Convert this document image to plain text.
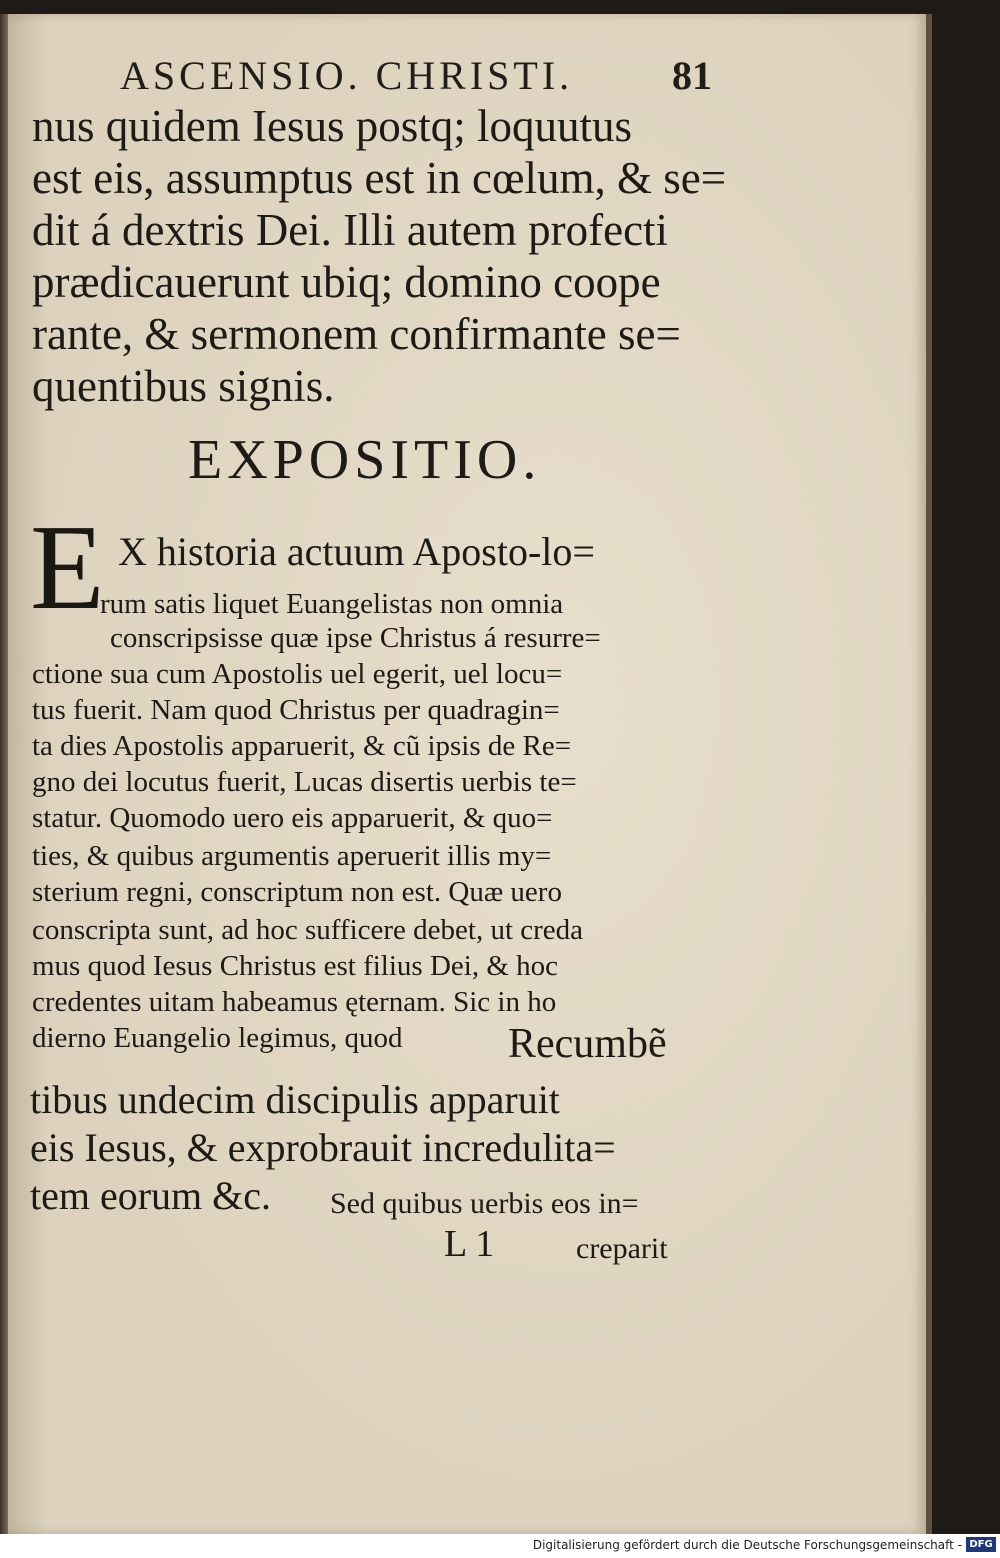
ASCENSIO. CHRISTI. 81
nus quidem Iesus postq; loquutus
est eis, assumptus est in cœlum, & se=
dit á dextris Dei. Illi autem profecti
prædicauerunt ubiq; domino coope
rante, & sermonem confirmante se=
quentibus signis.
EXPOSITIO.
E X historia actuum Aposto-lo=
rum satis liquet Euangelistas non omnia
conscripsisse quæ ipse Christus á resurre=
ctione sua cum Apostolis uel egerit, uel locu=
tus fuerit. Nam quod Christus per quadragin=
ta dies Apostolis apparuerit, & cũ ipsis de Re=
gno dei locutus fuerit, Lucas disertis uerbis te=
statur. Quomodo uero eis apparuerit, & quo=
ties, & quibus argumentis aperuerit illis my=
sterium regni, conscriptum non est. Quæ uero
conscripta sunt, ad hoc sufficere debet, ut creda
mus quod Iesus Christus est filius Dei, & hoc
credentes uitam habeamus ęternam. Sic in ho
dierno Euangelio legimus, quod	Recumbẽ
tibus undecim discipulis apparuit
eis Iesus, & exprobrauit incredulita=
tem eorum &c. Sed quibus uerbis eos in=
L 1	creparit
Digitalisierung gefördert durch die Deutsche Forschungsgemeinschaft - DFG
